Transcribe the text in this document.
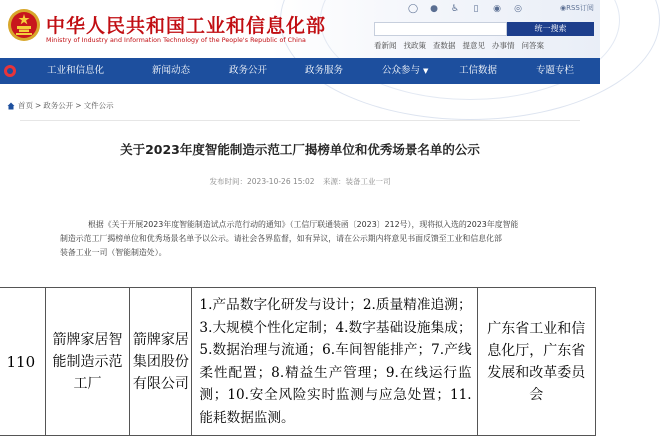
中华人民共和国工业和信息化部
Ministry of Industry and Information Technology of the People's Republic of China
◯ ● ♿ ▯ ◉ ◎	◉RSS订阅
统一搜索
看新闻 找政策 查数据 提意见 办事情 问答案
工业和信息化	新闻动态	政务公开	政务服务	公众参与 ▼	工信数据	专题专栏
首页 > 政务公开 > 文件公示
关于2023年度智能制造示范工厂揭榜单位和优秀场景名单的公示
发布时间：2023-10-26 15:02 来源：装备工业一司
根据《关于开展2023年度智能制造试点示范行动的通知》（工信厅联通装函〔2023〕212号），现将拟入选的2023年度智能
制造示范工厂揭榜单位和优秀场景名单予以公示。请社会各界监督，如有异议，请在公示期内将意见书面反馈至工业和信息化部
装备工业一司（智能制造处）。
110	箭牌家居智能制造示范工厂	箭牌家居集团股份有限公司	1.产品数字化研发与设计；2.质量精准追溯；3.大规模个性化定制；4.数字基础设施集成；5.数据治理与流通；6.车间智能排产；7.产线柔性配置；8.精益生产管理；9.在线运行监测；10.安全风险实时监测与应急处置；11.能耗数据监测。	广东省工业和信息化厅，广东省发展和改革委员会
